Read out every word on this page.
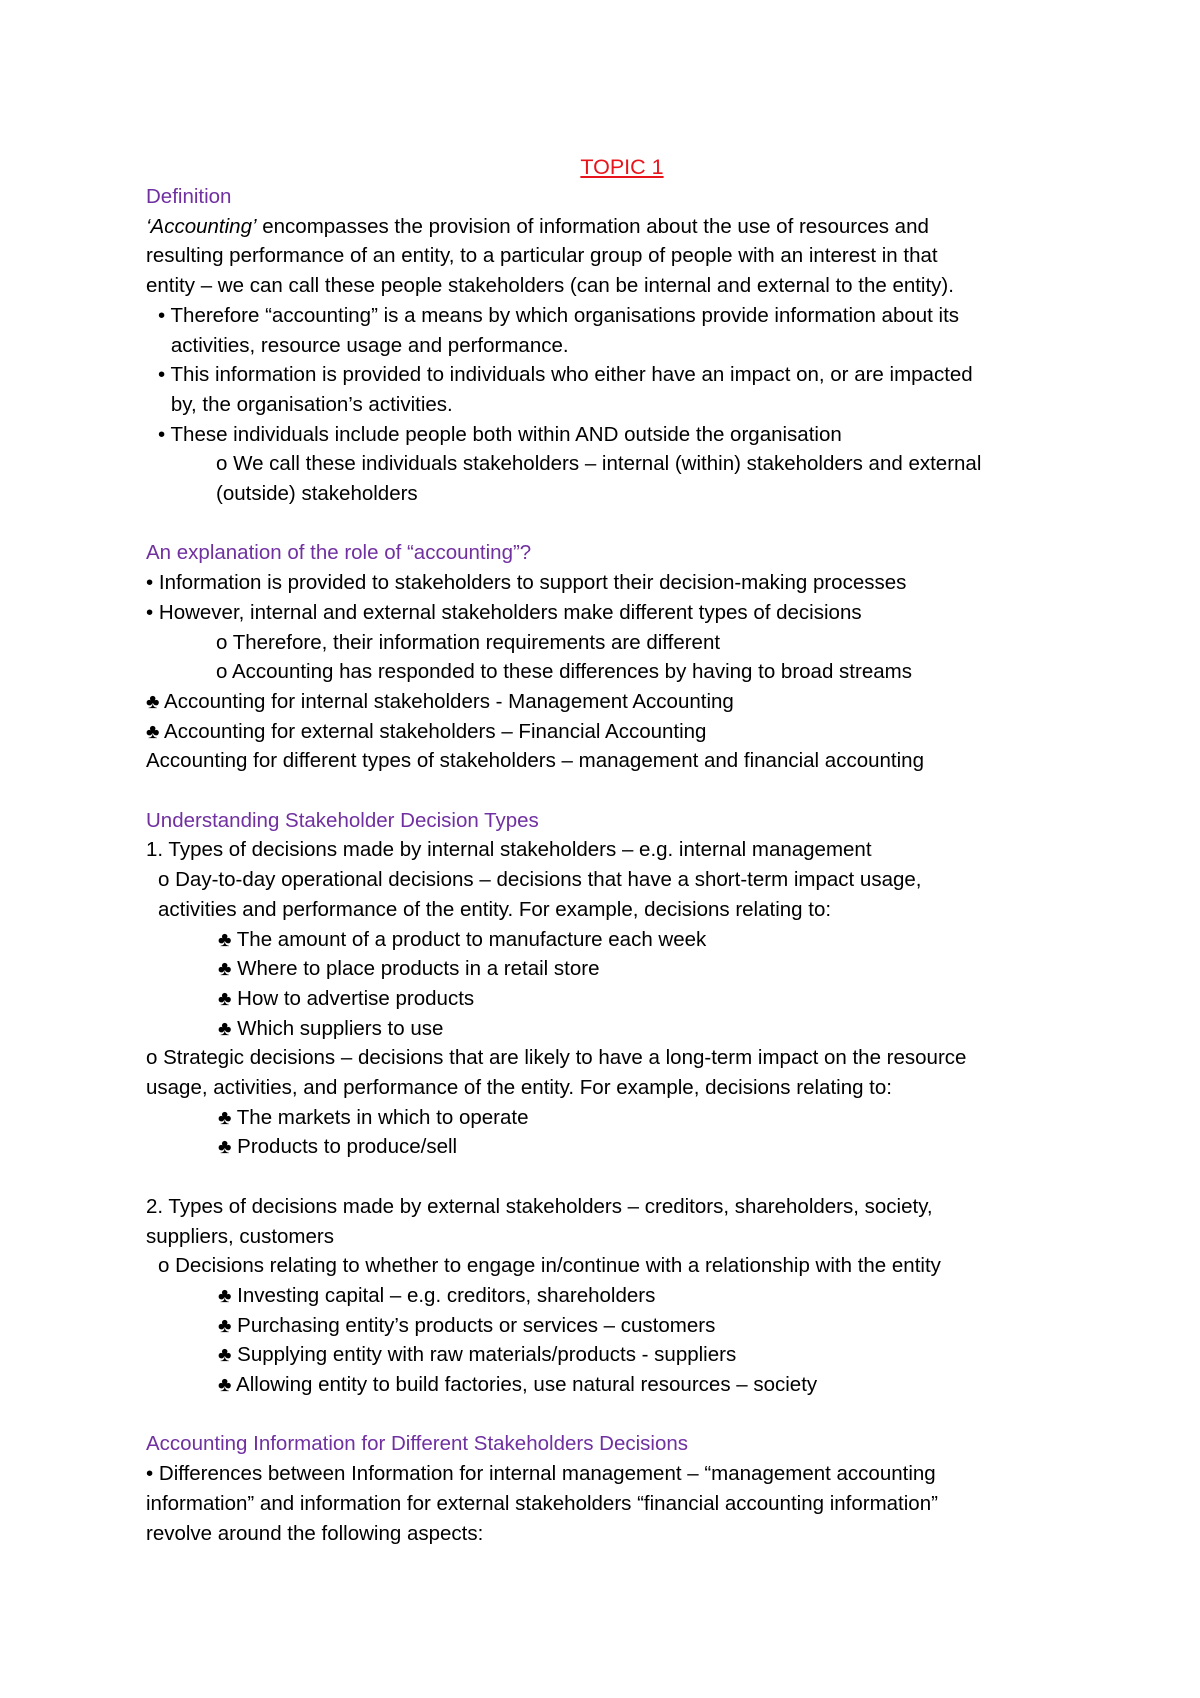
TOPIC 1
Definition
‘Accounting’ encompasses the provision of information about the use of resources and
resulting performance of an entity, to a particular group of people with an interest in that
entity – we can call these people stakeholders (can be internal and external to the entity).
• Therefore “accounting” is a means by which organisations provide information about its
activities, resource usage and performance.
• This information is provided to individuals who either have an impact on, or are impacted
by, the organisation’s activities.
• These individuals include people both within AND outside the organisation
o We call these individuals stakeholders – internal (within) stakeholders and external
(outside) stakeholders
An explanation of the role of “accounting”?
• Information is provided to stakeholders to support their decision-making processes
• However, internal and external stakeholders make different types of decisions
o Therefore, their information requirements are different
o Accounting has responded to these differences by having to broad streams
♣ Accounting for internal stakeholders - Management Accounting
♣ Accounting for external stakeholders – Financial Accounting
Accounting for different types of stakeholders – management and financial accounting
Understanding Stakeholder Decision Types
1. Types of decisions made by internal stakeholders – e.g. internal management
o Day-to-day operational decisions – decisions that have a short-term impact usage,
activities and performance of the entity. For example, decisions relating to:
♣ The amount of a product to manufacture each week
♣ Where to place products in a retail store
♣ How to advertise products
♣ Which suppliers to use
o Strategic decisions – decisions that are likely to have a long-term impact on the resource
usage, activities, and performance of the entity. For example, decisions relating to:
♣ The markets in which to operate
♣ Products to produce/sell
2. Types of decisions made by external stakeholders – creditors, shareholders, society,
suppliers, customers
o Decisions relating to whether to engage in/continue with a relationship with the entity
♣ Investing capital – e.g. creditors, shareholders
♣ Purchasing entity’s products or services – customers
♣ Supplying entity with raw materials/products - suppliers
♣ Allowing entity to build factories, use natural resources – society
Accounting Information for Different Stakeholders Decisions
• Differences between Information for internal management – “management accounting
information” and information for external stakeholders “financial accounting information”
revolve around the following aspects:
